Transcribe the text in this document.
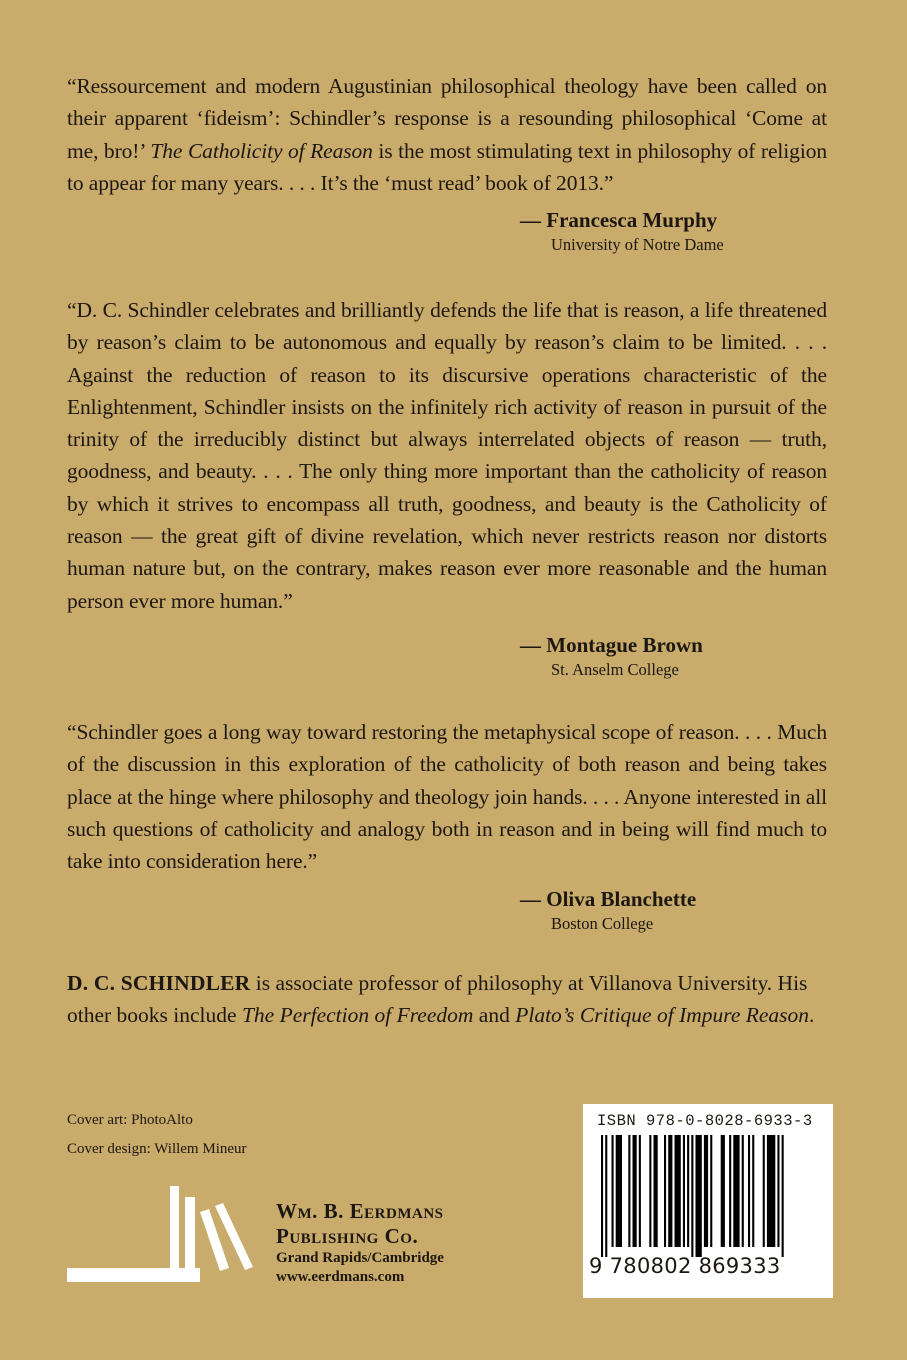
“Ressourcement and modern Augustinian philosophical theology have been called on their apparent ‘fideism’: Schindler’s response is a resounding philosophical ‘Come at me, bro!’ The Catholicity of Reason is the most stimulating text in philosophy of religion to appear for many years. . . . It’s the ‘must read’ book of 2013.”

— Francesca Murphy
University of Notre Dame

“D. C. Schindler celebrates and brilliantly defends the life that is reason, a life threatened by reason’s claim to be autonomous and equally by reason’s claim to be limited. . . . Against the reduction of reason to its discursive operations characteristic of the Enlightenment, Schindler insists on the infinitely rich activity of reason in pursuit of the trinity of the irreducibly distinct but always interrelated objects of reason — truth, goodness, and beauty. . . . The only thing more important than the catholicity of reason by which it strives to encompass all truth, goodness, and beauty is the Catholicity of reason — the great gift of divine revelation, which never restricts reason nor distorts human nature but, on the contrary, makes reason ever more reasonable and the human person ever more human.”

— Montague Brown
St. Anselm College

“Schindler goes a long way toward restoring the metaphysical scope of reason. . . . Much of the discussion in this exploration of the catholicity of both reason and being takes place at the hinge where philosophy and theology join hands. . . . Anyone interested in all such questions of catholicity and analogy both in reason and in being will find much to take into consideration here.”

— Oliva Blanchette
Boston College

D. C. SCHINDLER is associate professor of philosophy at Villanova University. His other books include The Perfection of Freedom and Plato’s Critique of Impure Reason.

Cover art: PhotoAlto
Cover design: Willem Mineur
Wm. B. Eerdmans
Publishing Co.
Grand Rapids/Cambridge
www.eerdmans.com
ISBN 978-0-8028-6933-3
9 780802 869333
